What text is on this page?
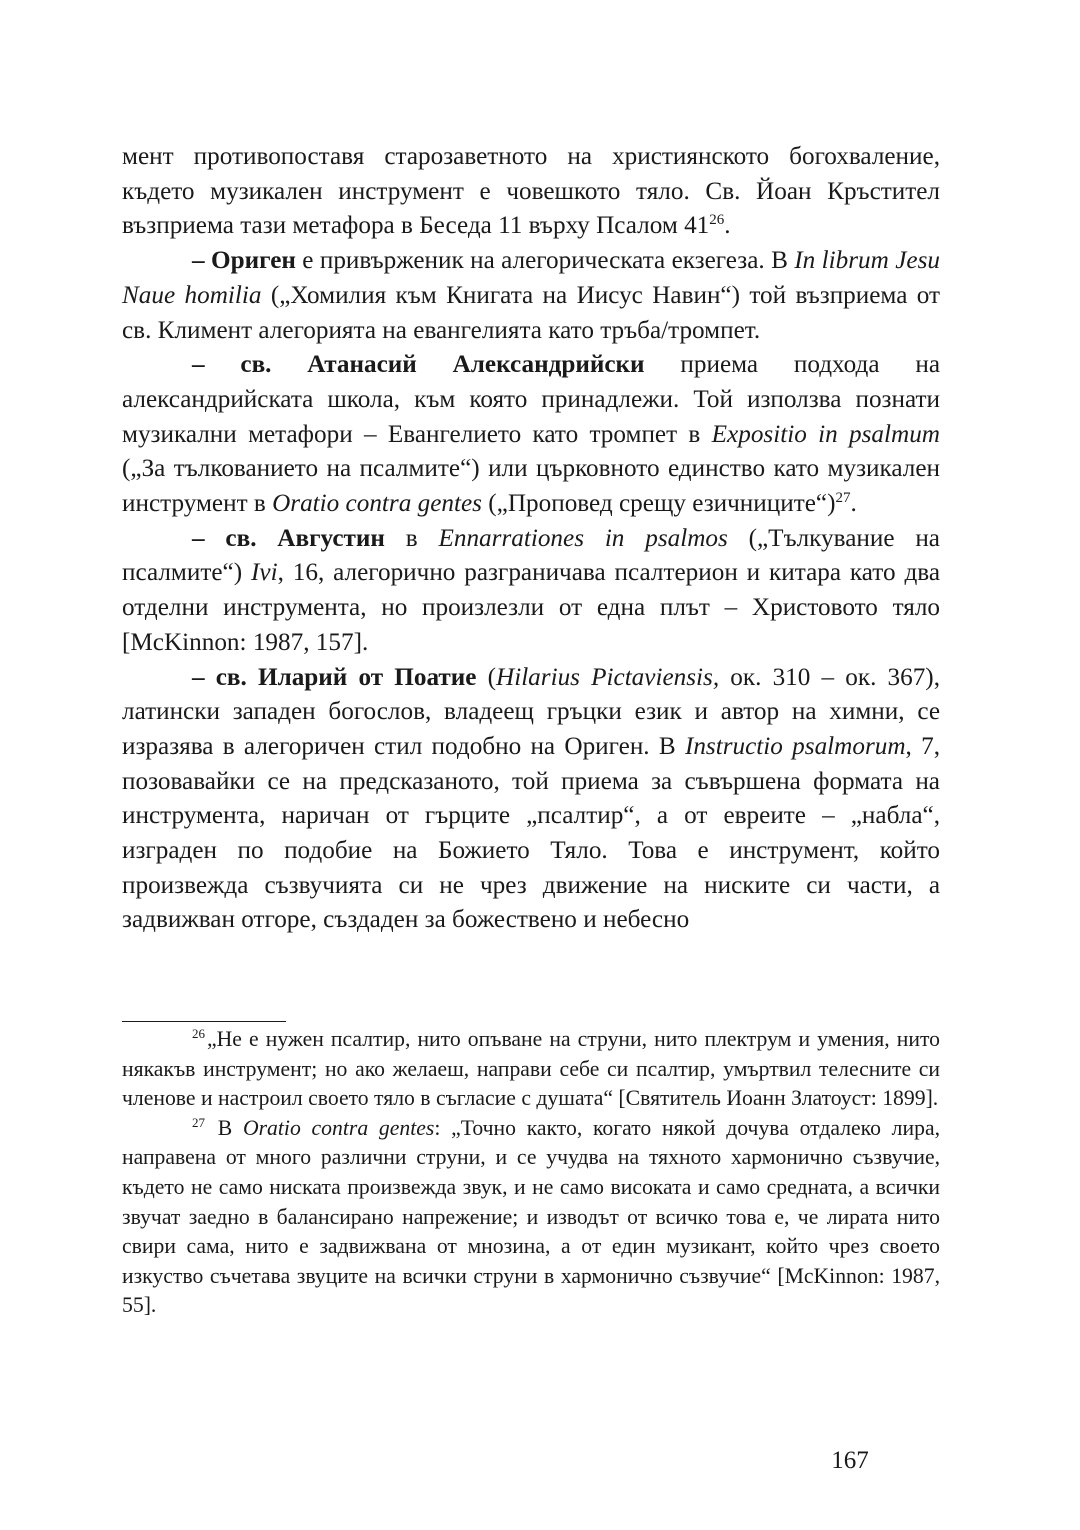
мент противопоставя старозаветното на християнското богохваление, където музикален инструмент е човешкото тяло. Св. Йоан Кръстител възприема тази метафора в Беседа 11 върху Псалом $41^{26}$.

– Ориген е привърженик на алегорическата екзегеза. В In librum Jesu Naue homilia („Хомилия към Книгата на Иисус Навин“) той възприема от св. Климент алегорията на евангелията като тръба/тромпет.

– св. Атанасий Александрийски приема подхода на александрийската школа, към която принадлежи. Той използва познати музикални метафори – Евангелието като тромпет в Expositio in psalmum („За тълкованието на псалмите“) или църковното единство като музикален инструмент в Oratio contra gentes („Проповед срещу езичниците“)$^{27}$.

– св. Августин в Ennarrationes in psalmos („Тълкувание на псалмите“) Ivi, 16, алегорично разграничава псалтерион и китара като два отделни инструмента, но произлезли от една плът – Христовото тяло [McKinnon: 1987, 157].

– св. Иларий от Поатие (Hilarius Pictaviensis, ок. 310 – ок. 367), латински западен богослов, владеещ гръцки език и автор на химни, се изразява в алегоричен стил подобно на Ориген. В Instructio psalmorum, 7, позовавайки се на предсказаното, той приема за съвършена формата на инструмента, наричан от гърците „псалтир“, а от евреите – „набла“, изграден по подобие на Божието Тяло. Това е инструмент, който произвежда съзвучията си не чрез движение на ниските си части, а задвижван отгоре, създаден за божествено и небесно

$^{26}$„Не е нужен псалтир, нито опъване на струни, нито плектрум и умения, нито някакъв инструмент; но ако желаеш, направи себе си псалтир, умъртвил телесните си членове и настроил своето тяло в съгласие с душата“ [Святитель Иоанн Златоуст: 1899].

$^{27}$ В Oratio contra gentes: „Точно както, когато някой дочува отдалеко лира, направена от много различни струни, и се учудва на тяхното хармонично съзвучие, където не само ниската произвежда звук, и не само високата и само средната, а всички звучат заедно в балансирано напрежение; и изводът от всичко това е, че лирата нито свири сама, нито е задвижвана от мнозина, а от един музикант, който чрез своето изкуство съчетава звуците на всички струни в хармонично съзвучие“ [McKinnon: 1987, 55].

167
